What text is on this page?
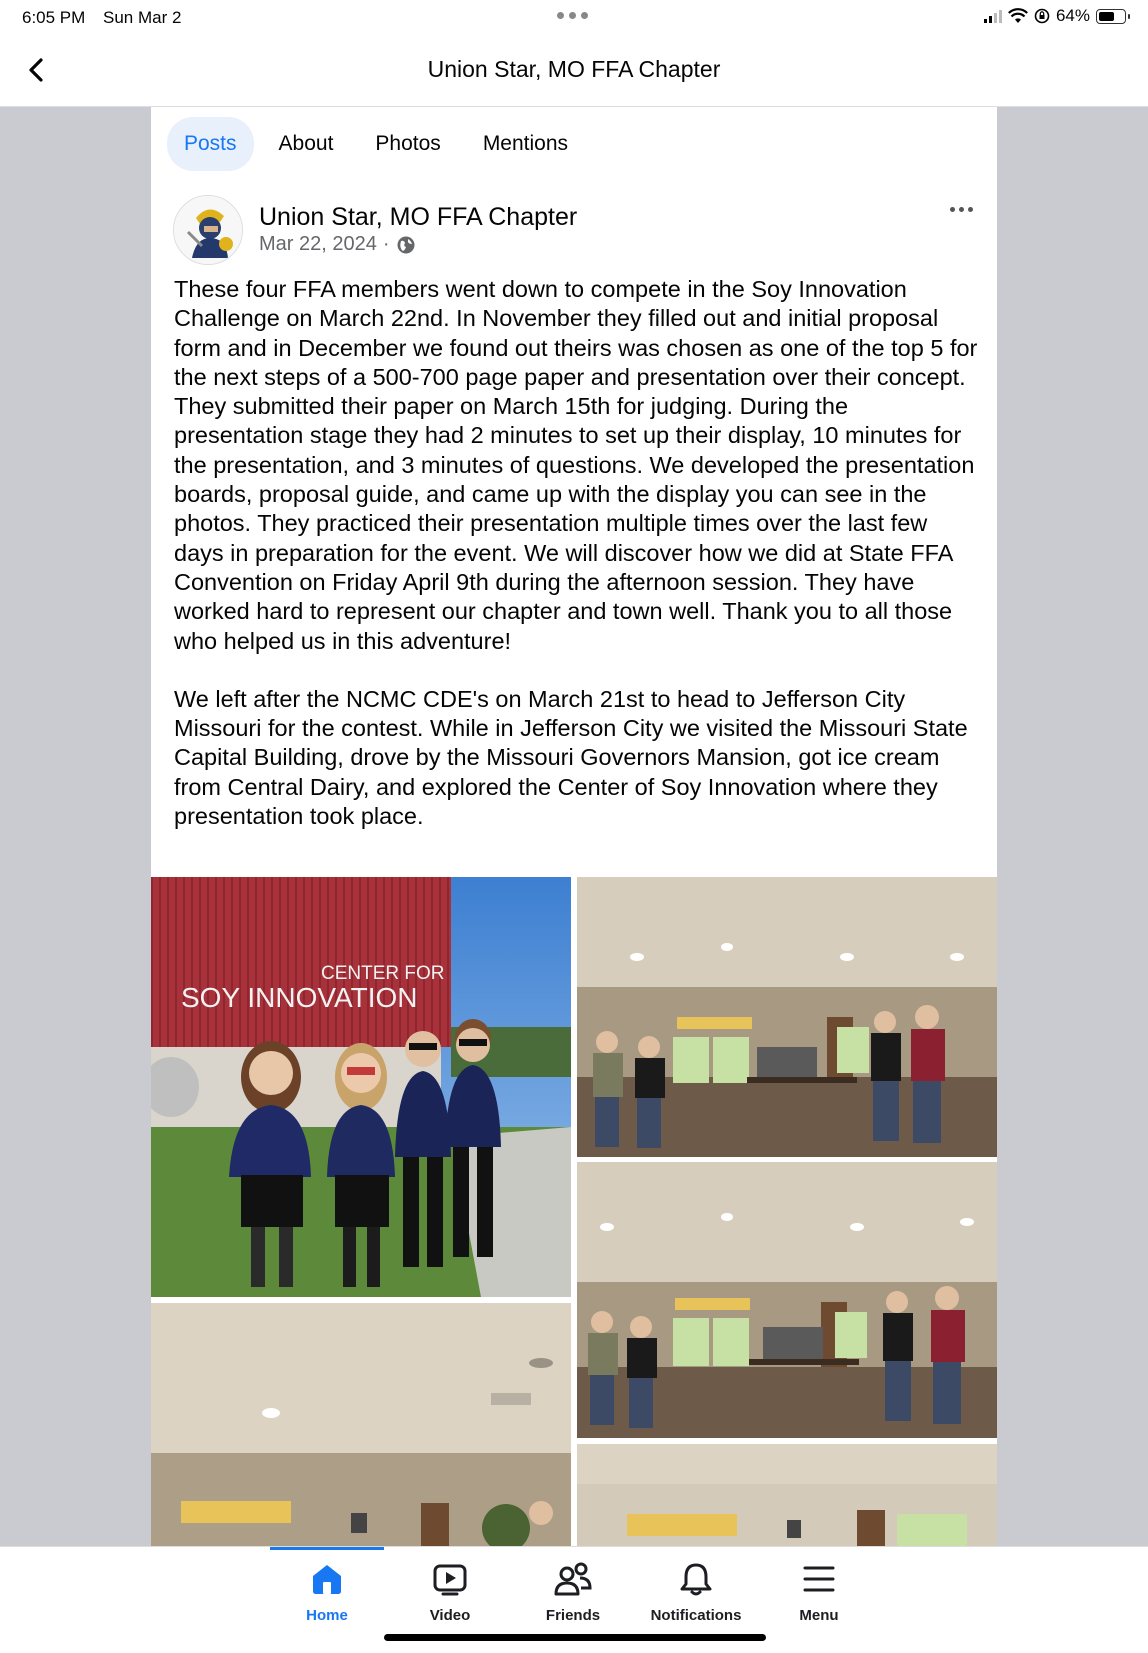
6:05 PM Sun Mar 2	64%
Union Star, MO FFA Chapter
Posts	About	Photos	Mentions
Union Star, MO FFA Chapter
Mar 22, 2024 ·

These four FFA members went down to compete in the Soy Innovation Challenge on March 22nd. In November they filled out and initial proposal form and in December we found out theirs was chosen as one of the top 5 for the next steps of a 500-700 page paper and presentation over their concept. They submitted their paper on March 15th for judging. During the presentation stage they had 2 minutes to set up their display, 10 minutes for the presentation, and 3 minutes of questions. We developed the presentation boards, proposal guide, and came up with the display you can see in the photos. They practiced their presentation multiple times over the last few days in preparation for the event. We will discover how we did at State FFA Convention on Friday April 9th during the afternoon session. They have worked hard to represent our chapter and town well. Thank you to all those who helped us in this adventure!

We left after the NCMC CDE's on March 21st to head to Jefferson City Missouri for the contest. While in Jefferson City we visited the Missouri State Capital Building, drove by the Missouri Governors Mansion, got ice cream from Central Dairy, and explored the Center of Soy Innovation where they presentation took place.

CENTER FOR
SOY INNOVATION
Home	Video	Friends	Notifications	Menu
